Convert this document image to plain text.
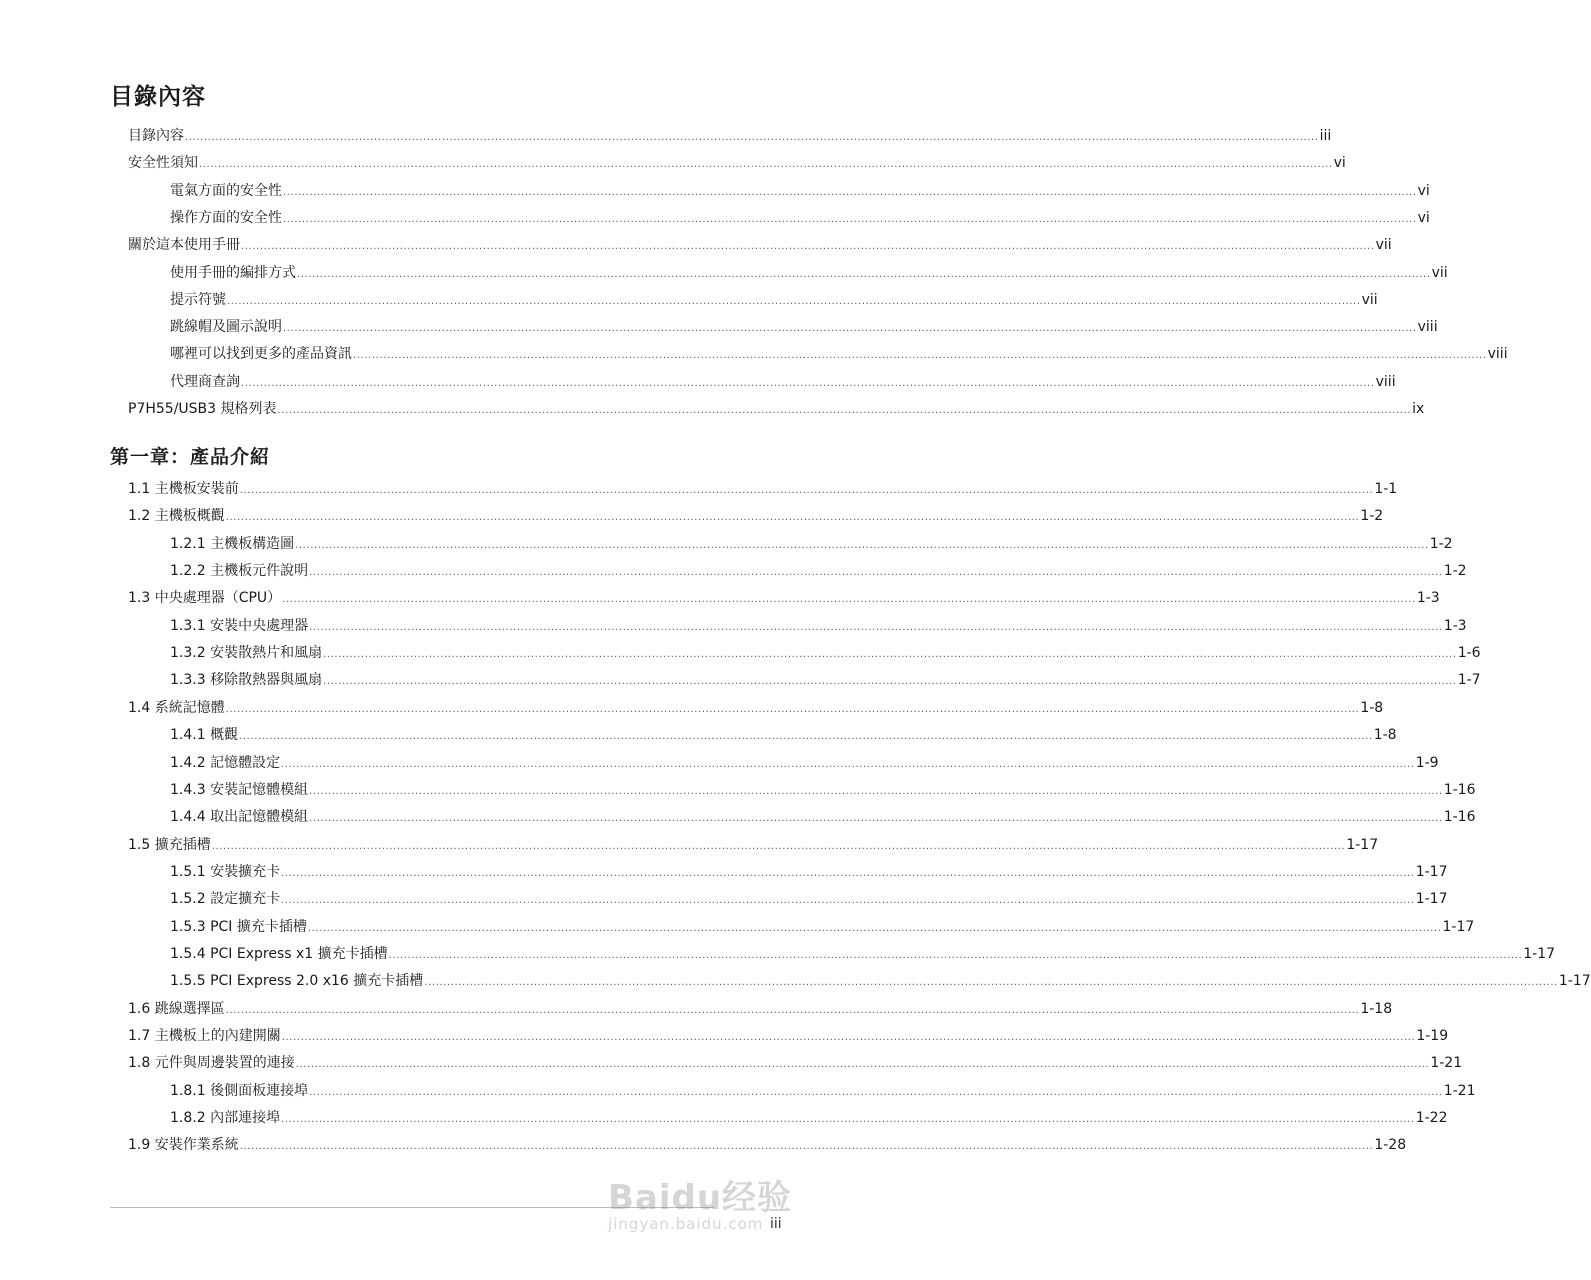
目錄內容
第一章：產品介紹
目錄內容 ............................................................................................................................................................................................................................................................................................................ iii
安全性須知 ............................................................................................................................................................................................................................................................................................................ vi
電氣方面的安全性 ............................................................................................................................................................................................................................................................................................................ vi
操作方面的安全性 ............................................................................................................................................................................................................................................................................................................ vi
關於這本使用手冊 ............................................................................................................................................................................................................................................................................................................ vii
使用手冊的編排方式 ............................................................................................................................................................................................................................................................................................................ vii
提示符號 ............................................................................................................................................................................................................................................................................................................ vii
跳線帽及圖示說明 ............................................................................................................................................................................................................................................................................................................ viii
哪裡可以找到更多的產品資訊 ............................................................................................................................................................................................................................................................................................................ viii
代理商查詢 ............................................................................................................................................................................................................................................................................................................ viii
P7H55/USB3 規格列表 ............................................................................................................................................................................................................................................................................................................ ix
1.1 主機板安裝前 ............................................................................................................................................................................................................................................................................................................ 1-1
1.2 主機板概觀 ............................................................................................................................................................................................................................................................................................................ 1-2
1.2.1 主機板構造圖 ............................................................................................................................................................................................................................................................................................................ 1-2
1.2.2 主機板元件說明 ............................................................................................................................................................................................................................................................................................................ 1-2
1.3 中央處理器（CPU） ............................................................................................................................................................................................................................................................................................................ 1-3
1.3.1 安裝中央處理器 ............................................................................................................................................................................................................................................................................................................ 1-3
1.3.2 安裝散熱片和風扇 ............................................................................................................................................................................................................................................................................................................ 1-6
1.3.3 移除散熱器與風扇 ............................................................................................................................................................................................................................................................................................................ 1-7
1.4 系統記憶體 ............................................................................................................................................................................................................................................................................................................ 1-8
1.4.1 概觀 ............................................................................................................................................................................................................................................................................................................ 1-8
1.4.2 記憶體設定 ............................................................................................................................................................................................................................................................................................................ 1-9
1.4.3 安裝記憶體模組 ............................................................................................................................................................................................................................................................................................................ 1-16
1.4.4 取出記憶體模組 ............................................................................................................................................................................................................................................................................................................ 1-16
1.5 擴充插槽 ............................................................................................................................................................................................................................................................................................................ 1-17
1.5.1 安裝擴充卡 ............................................................................................................................................................................................................................................................................................................ 1-17
1.5.2 設定擴充卡 ............................................................................................................................................................................................................................................................................................................ 1-17
1.5.3 PCI 擴充卡插槽 ............................................................................................................................................................................................................................................................................................................ 1-17
1.5.4 PCI Express x1 擴充卡插槽 ............................................................................................................................................................................................................................................................................................................ 1-17
1.5.5 PCI Express 2.0 x16 擴充卡插槽 ............................................................................................................................................................................................................................................................................................................ 1-17
1.6 跳線選擇區 ............................................................................................................................................................................................................................................................................................................ 1-18
1.7 主機板上的內建開關 ............................................................................................................................................................................................................................................................................................................ 1-19
1.8 元件與周邊裝置的連接 ............................................................................................................................................................................................................................................................................................................ 1-21
1.8.1 後側面板連接埠 ............................................................................................................................................................................................................................................................................................................ 1-21
1.8.2 內部連接埠 ............................................................................................................................................................................................................................................................................................................ 1-22
1.9 安裝作業系統 ............................................................................................................................................................................................................................................................................................................ 1-28
iii
Baidu经验
jingyan.baidu.com
